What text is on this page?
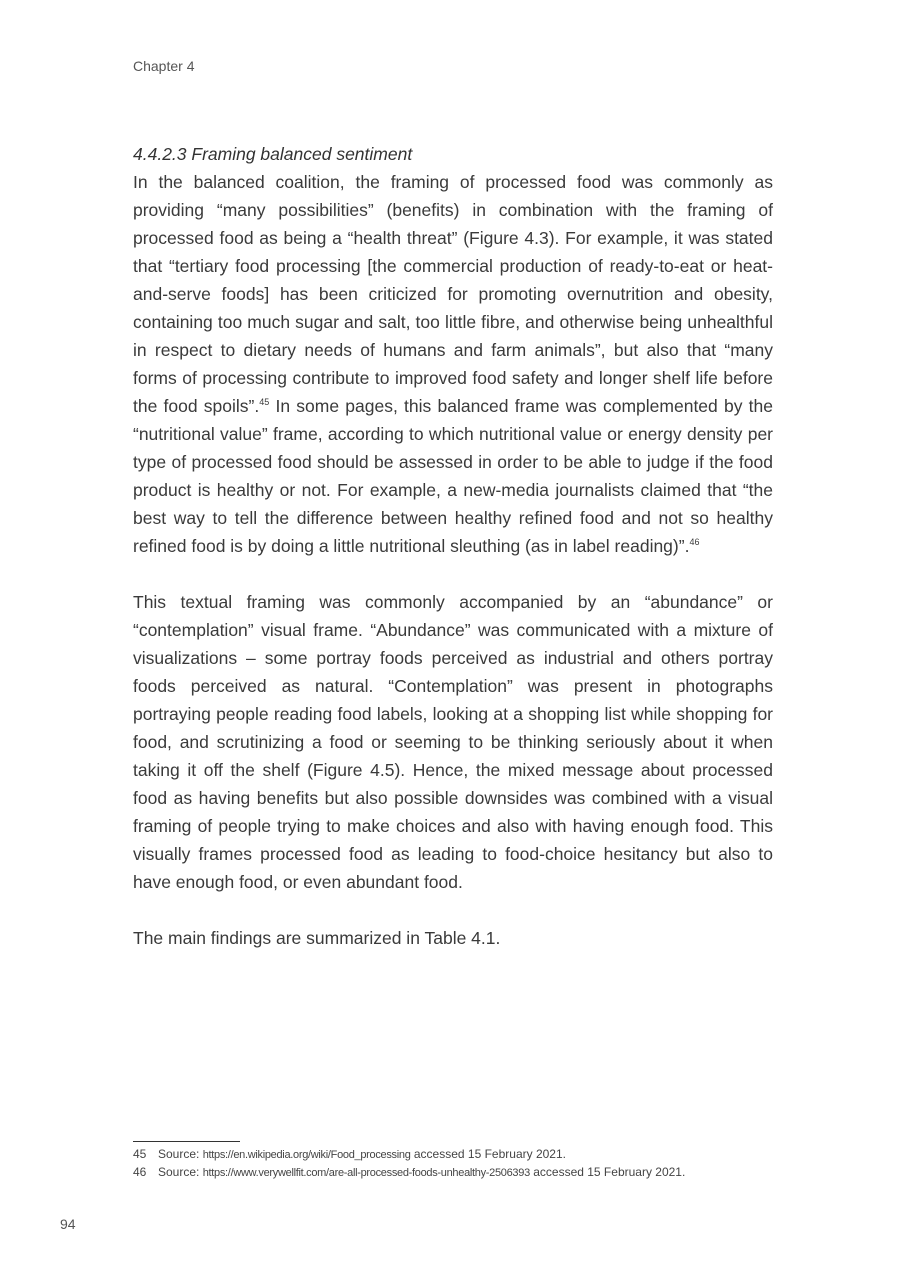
Chapter 4
4.4.2.3 Framing balanced sentiment

In the balanced coalition, the framing of processed food was commonly as providing “many possibilities” (benefits) in combination with the framing of processed food as being a “health threat” (Figure 4.3). For example, it was stated that “tertiary food processing [the commercial production of ready-to-eat or heat-and-serve foods] has been criticized for promoting overnutrition and obesity, containing too much sugar and salt, too little fibre, and otherwise being unhealthful in respect to dietary needs of humans and farm animals”, but also that “many forms of processing contribute to improved food safety and longer shelf life before the food spoils”.$^{45}$ In some pages, this balanced frame was complemented by the “nutritional value” frame, according to which nutritional value or energy density per type of processed food should be assessed in order to be able to judge if the food product is healthy or not. For example, a new-media journalists claimed that “the best way to tell the difference between healthy refined food and not so healthy refined food is by doing a little nutritional sleuthing (as in label reading)”.$^{46}$

This textual framing was commonly accompanied by an “abundance” or “contemplation” visual frame. “Abundance” was communicated with a mixture of visualizations – some portray foods perceived as industrial and others portray foods perceived as natural. “Contemplation” was present in photographs portraying people reading food labels, looking at a shopping list while shopping for food, and scrutinizing a food or seeming to be thinking seriously about it when taking it off the shelf (Figure 4.5). Hence, the mixed message about processed food as having benefits but also possible downsides was combined with a visual framing of people trying to make choices and also with having enough food. This visually frames processed food as leading to food-choice hesitancy but also to have enough food, or even abundant food.

The main findings are summarized in Table 4.1.

45 Source: https://en.wikipedia.org/wiki/Food_processing accessed 15 February 2021.
46 Source: https://www.verywellfit.com/are-all-processed-foods-unhealthy-2506393 accessed 15 February 2021.
94
